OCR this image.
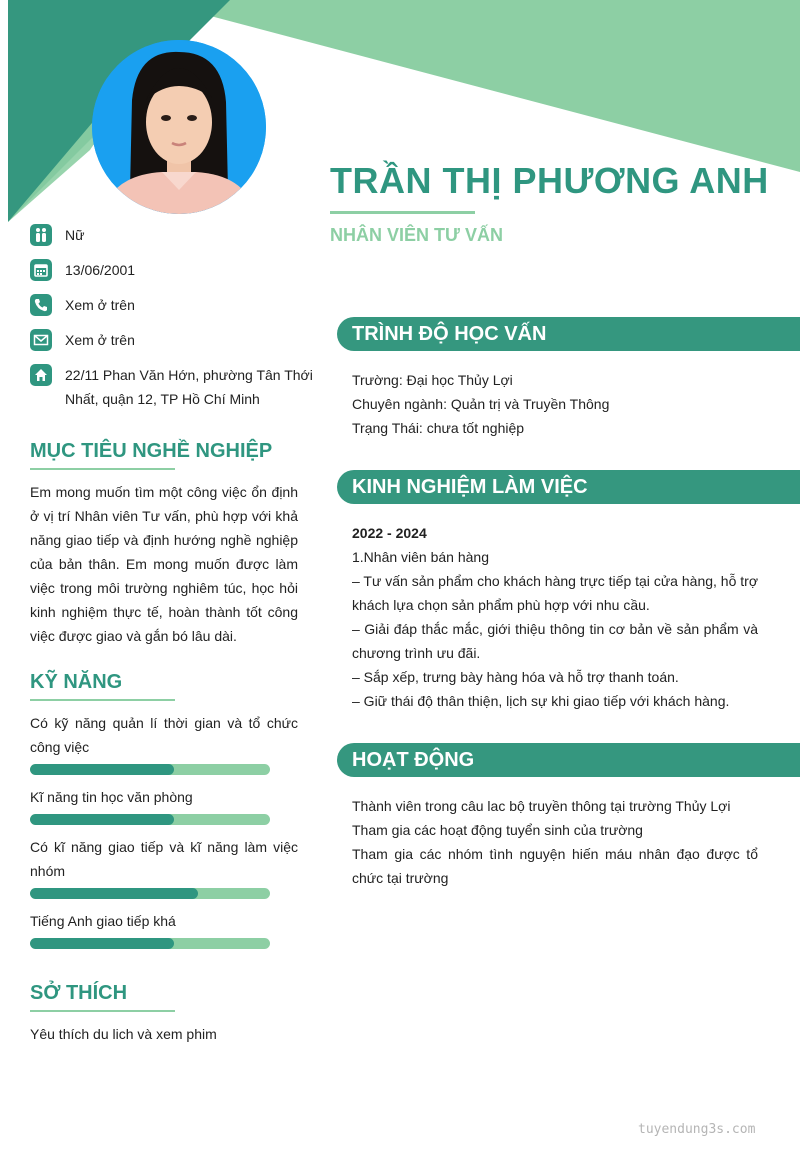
TRẦN THỊ PHƯƠNG ANH
NHÂN VIÊN TƯ VẤN
Nữ
13/06/2001
Xem ở trên
Xem ở trên
22/11 Phan Văn Hớn, phường Tân Thới Nhất, quận 12, TP Hồ Chí Minh
MỤC TIÊU NGHỀ NGHIỆP

Em mong muốn tìm một công việc ổn định ở vị trí Nhân viên Tư vấn, phù hợp với khả năng giao tiếp và định hướng nghề nghiệp của bản thân. Em mong muốn được làm việc trong môi trường nghiêm túc, học hỏi kinh nghiệm thực tế, hoàn thành tốt công việc được giao và gắn bó lâu dài.

KỸ NĂNG

Có kỹ năng quản lí thời gian và tổ chức công việc

Kĩ năng tin học văn phòng

Có kĩ năng giao tiếp và kĩ năng làm việc nhóm

Tiếng Anh giao tiếp khá

SỞ THÍCH

Yêu thích du lich và xem phim

TRÌNH ĐỘ HỌC VẤN

Trường: Đại học Thủy Lợi

Chuyên ngành: Quản trị và Truyền Thông

Trạng Thái: chưa tốt nghiệp

KINH NGHIỆM LÀM VIỆC

2022 - 2024

1.Nhân viên bán hàng

– Tư vấn sản phẩm cho khách hàng trực tiếp tại cửa hàng, hỗ trợ khách lựa chọn sản phẩm phù hợp với nhu cầu.

– Giải đáp thắc mắc, giới thiệu thông tin cơ bản về sản phẩm và chương trình ưu đãi.

– Sắp xếp, trưng bày hàng hóa và hỗ trợ thanh toán.

– Giữ thái độ thân thiện, lịch sự khi giao tiếp với khách hàng.

HOẠT ĐỘNG

Thành viên trong câu lac bộ truyền thông tại trường Thủy Lợi

Tham gia các hoạt động tuyển sinh của trường

Tham gia các nhóm tình nguyện hiến máu nhân đạo được tổ chức tại trường

tuyendung3s.com
